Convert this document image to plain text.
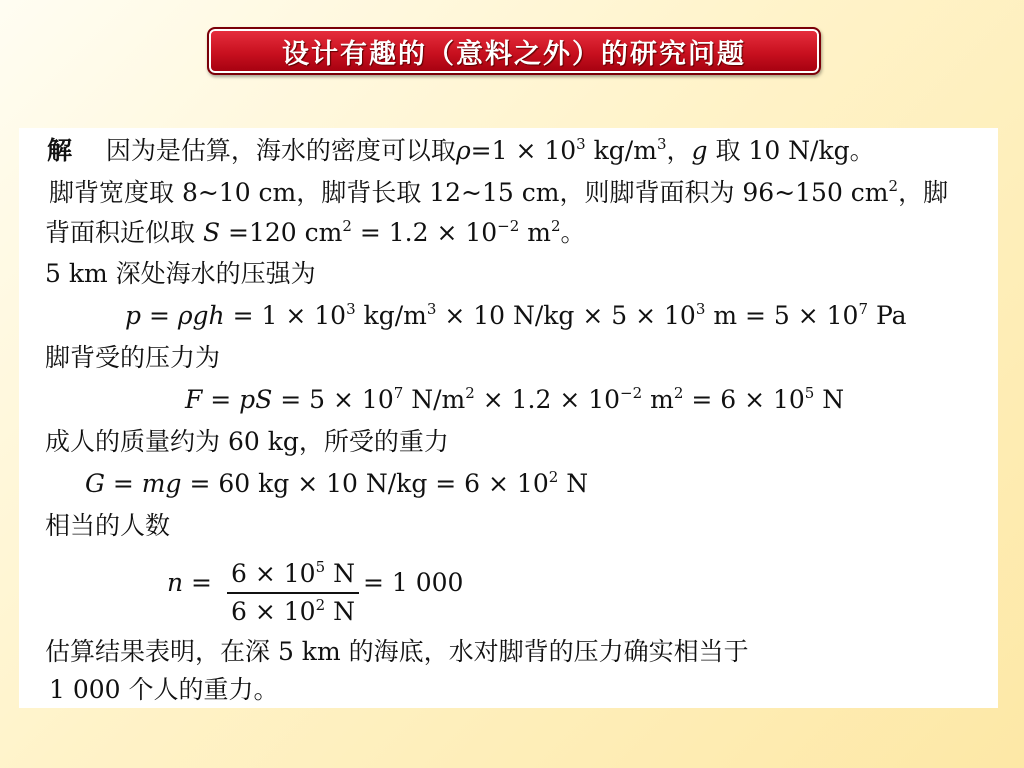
设计有趣的（意料之外）的研究问题
解 因为是估算，海水的密度可以取$\rho=1 \times 10^3$ $kg/m^3$，g 取 10 N/kg。
脚背宽度取 8~10 cm，脚背长取 12~15 cm，则脚背面积为 96~150 $cm^2$，脚
背面积近似取 S =120 $cm^2 = 1.2 \times 10^{-2}$ $m^2$。
5 km 深处海水的压强为
$p = \rho gh = 1 \times 10^3$ $kg/m^3 \times 10$ $N/kg \times 5 \times 10^3$ $m = 5 \times 10^7$ Pa
脚背受的压力为
F = pS = $5 \times 10^7$ $N/m^2 \times 1.2 \times 10^{-2}$ $m^2 = 6 \times 10^5$ N
成人的质量约为 60 kg，所受的重力
G = mg = 60 kg × 10 $N/kg = 6 \times 10^2$ N
相当的人数
$n = 6 \times 10^5$ N
$6 \times 10^2$ N
= 1 000
估算结果表明，在深 5 km 的海底，水对脚背的压力确实相当于
1 000 个人的重力。
